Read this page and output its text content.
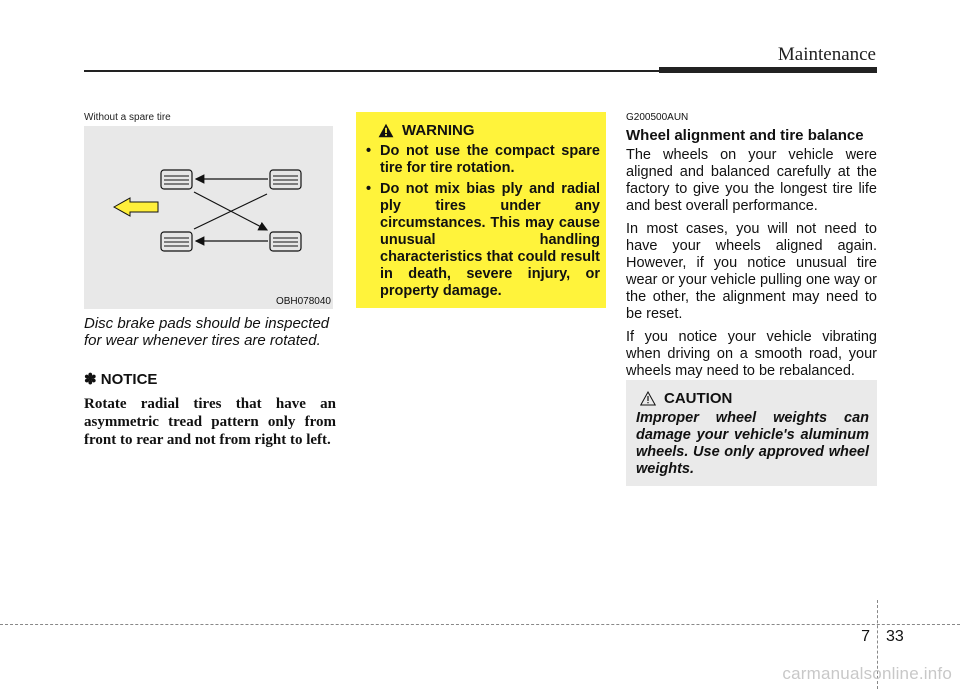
Maintenance
Without a spare tire
OBH078040
Disc brake pads should be inspected for wear whenever tires are rotated.
✽ NOTICE
Rotate radial tires that have an asymmetric tread pattern only from front to rear and not from right to left.
WARNING
• Do not use the compact spare tire for tire rotation.
• Do not mix bias ply and radial ply tires under any circumstances. This may cause unusual handling characteristics that could result in death, severe injury, or property damage.
G200500AUN
Wheel alignment and tire balance

The wheels on your vehicle were aligned and balanced carefully at the factory to give you the longest tire life and best overall performance.

In most cases, you will not need to have your wheels aligned again. However, if you notice unusual tire wear or your vehicle pulling one way or the other, the alignment may need to be reset.

If you notice your vehicle vibrating when driving on a smooth road, your wheels may need to be rebalanced.

CAUTION
Improper wheel weights can damage your vehicle's aluminum wheels. Use only approved wheel weights.
7 33
carmanualsonline.info
